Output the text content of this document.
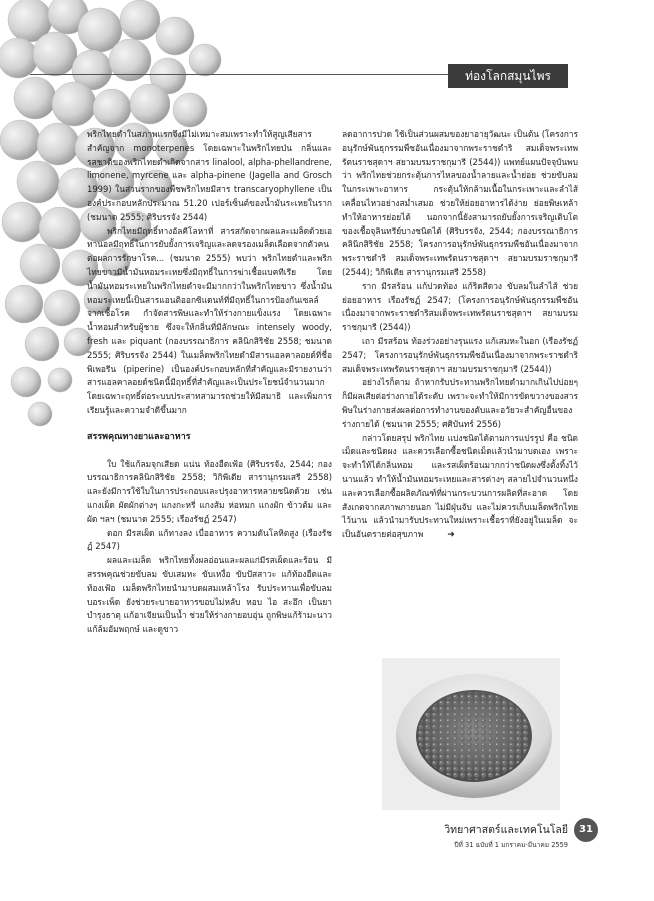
ท่องโลกสมุนไพร

พริกไทยดำในสภาพแรกจึงมีไม่เหมาะสมเพราะทำให้สูญเสียสารสำคัญจาก monoterpenes โดยเฉพาะในพริกไทยป่น กลิ่นและรสชาติของพริกไทยดำเกิดจากสาร linalool, alpha-phellandrene, limonene, myrcene และ alpha-pinene (Jagella and Grosch 1999) ในส่วนรากของพืชพริกไทยมีสาร transcaryophyllene เป็นองค์ประกอบหลักประมาณ 51.20 เปอร์เซ็นต์ของน้ำมันระเหยในราก (ชมนาด 2555; ศิริบรรจัง 2544)

พริกไทยมีฤทธิ์ทางอัลคีโลหาที่ สารสกัดจากผลและเมล็ดด้วยเอทานอลมีฤทธิ์ในการยับยั้งการเจริญและลดจรองเมล็ดเลือดจากตัวคนต่อผลการรักษาโรค... (ชมนาด 2555) พบว่า พริกไทยดำและพริกไทยขาวมีน้ำมันหอมระเหยซึ่งมีฤทธิ์ในการฆ่าเชื้อแบคทีเรีย โดยน้ำมันหอมระเหยในพริกไทยดำจะมีมากกว่าในพริกไทยขาว ซึ่งน้ำมันหอมระเหยนี้เป็นสารแอนติออกซิแดนท์ที่มีฤทธิ์ในการป้องกันเซลล์จากเชื้อโรค กำจัดสารพิษและทำให้ร่างกายแข็งแรง โดยเฉพาะน้ำหอมสำหรับผู้ชาย ซึ่งจะให้กลิ่นที่มีลักษณะ intensely woody, fresh และ piquant (กองบรรณาธิการ คลินิกสิริชัย 2558; ชมนาด 2555; ศิริบรรจัง 2544) ในเมล็ดพริกไทยดำมีสารแอลคาลอยด์ที่ชื่อพิเพอรีน (piperine) เป็นองค์ประกอบหลักที่สำคัญและมีรายงานว่าสารแอลคาลอยด์ชนิดนี้มีฤทธิ์ที่สำคัญและเป็นประโยชน์จำนวนมาก โดยเฉพาะฤทธิ์ต่อระบบประสาทสามารถช่วยให้มีสมาธิ และเพิ่มการเรียนรู้และความจำดีขึ้นมาก

สรรพคุณทางยาและอาหาร

ใบ ใช้แก้ลมจุกเสียด แน่น ท้องอืดเฟ้อ (ศิริบรรจัง, 2544; กองบรรณาธิการคลินิกสิริชัย 2558; วิกิพีเดีย สารานุกรมเสรี 2558) และยังมีการใช้ใบในการประกอบและปรุงอาหารหลายชนิดด้วย เช่น แกงเผ็ด ผัดผักต่างๆ แกงกะหรี่ แกงส้ม ห่อหมก แกงผัก ข้าวต้ม และผัด ฯลฯ (ชมนาด 2555; เรืองรัชฏ์ 2547)

ดอก มีรสเผ็ด แก้ทางลง เบื่ออาหาร ความดันโลหิตสูง (เรืองรัชฏ์ 2547)

ผลและเมล็ด พริกไทยทั้งผลอ่อนและผลแก่มีรสเผ็ดและร้อน มีสรรพคุณช่วยขับลม ขับเสมหะ ขับเหงื่อ ขับปัสสาวะ แก้ท้องอืดและท้องเฟ้อ เมล็ดพริกไทยนำมาบดผสมเหล้าโรง รับประทานเพื่อขับลม บอระเพ็ด ยังช่วยระบายอาหารขอบไม่หลับ หอบ ไอ สะอึก เป็นยาบำรุงธาตุ แก้อาเจียนเป็นน้ำ ช่วยให้ร่างกายอบอุ่น ถูกพิษแก้ร้ามะนาว แก้ล้มอัมพฤกษ์ และดูขาว

ลดอาการปวด ใช้เป็นส่วนผสมของยาอายุวัฒนะ เป็นต้น (โครงการอนุรักษ์พันธุกรรมพืชอันเนื่องมาจากพระราชดำริ สมเด็จพระเทพรัตนราชสุดาฯ สยามบรมราชกุมารี (2544)) แพทย์แผนปัจจุบันพบว่า พริกไทยช่วยกระตุ้นการไหลของน้ำลายและน้ำย่อย ช่วยขับลมในกระเพาะอาหาร กระตุ้นให้กล้ามเนื้อในกระเพาะและลำไส้เคลื่อนไหวอย่างสม่ำเสมอ ช่วยให้ย่อยอาหารได้ง่าย ย่อยพิษเหล้าทำให้อาหารย่อยได้ นอกจากนี้ยังสามารถยับยั้งการเจริญเติบโตของเชื้อจุลินทรีย์บางชนิดได้ (ศิริบรรจัง, 2544; กองบรรณาธิการ คลินิกสิริชัย 2558; โครงการอนุรักษ์พันธุกรรมพืชอันเนื่องมาจากพระราชดำริ สมเด็จพระเทพรัตนราชสุดาฯ สยามบรมราชกุมารี (2544); วิกิพีเดีย สารานุกรมเสรี 2558)

ราก มีรสร้อน แก้ปวดท้อง แก้ริดสีดวง ขับลมในลำไส้ ช่วยย่อยอาหาร เรืองรัชฏ์ 2547; (โครงการอนุรักษ์พันธุกรรมพืชอันเนื่องมาจากพระราชดำริสมเด็จพระเทพรัตนราชสุดาฯ สยามบรมราชกุมารี (2544))

เถา มีรสร้อน ท้องร่วงอย่างรุนแรง แก้เสมหะในอก (เรืองรัชฏ์ 2547; โครงการอนุรักษ์พันธุกรรมพืชอันเนื่องมาจากพระราชดำริสมเด็จพระเทพรัตนราชสุดาฯ สยามบรมราชกุมารี (2544))

อย่างไรก็ตาม ถ้าหากรับประทานพริกไทยดำมากเกินไปบ่อยๆ ก็มีผลเสียต่อร่างกายได้ระดับ เพราะจะทำให้มีการขัดขวางของสารพิษในร่างกายส่งผลต่อการทำงานของตับและอวัยวะสำคัญอื่นของร่างกายได้ (ชมนาด 2555; ศศิบันทร์ 2556)

กล่าวโดยสรุป พริกไทย แบ่งชนิดได้ตามการแปรรูป คือ ชนิดเม็ดและชนิดผง และควรเลือกซื้อชนิดเม็ดแล้วนำมาบดเอง เพราะจะทำให้ได้กลิ่นหอม และรสเผ็ดร้อนมากกว่าชนิดผงซึ่งตั้งทิ้งไว้นานแล้ว ทำให้น้ำมันหอมระเหยและสารต่างๆ สลายไปจำนวนหนึ่ง และควรเลือกซื้อผลิตภัณฑ์ที่ผ่านกระบวนการผลิตที่สะอาด โดยสังเกตจากสภาพภายนอก ไม่มีฝุ่นจับ และไม่ควรเก็บเมล็ดพริกไทยไว้นาน แล้วนำมารับประทานใหม่เพราะเชื้อราที่ยังอยู่ในเมล็ด จะเป็นอันตรายต่อสุขภาพ	➜

วิทยาศาสตร์และเทคโนโลยี
ปีที่ 31 ฉบับที่ 1 มกราคม-มีนาคม 2559
31
